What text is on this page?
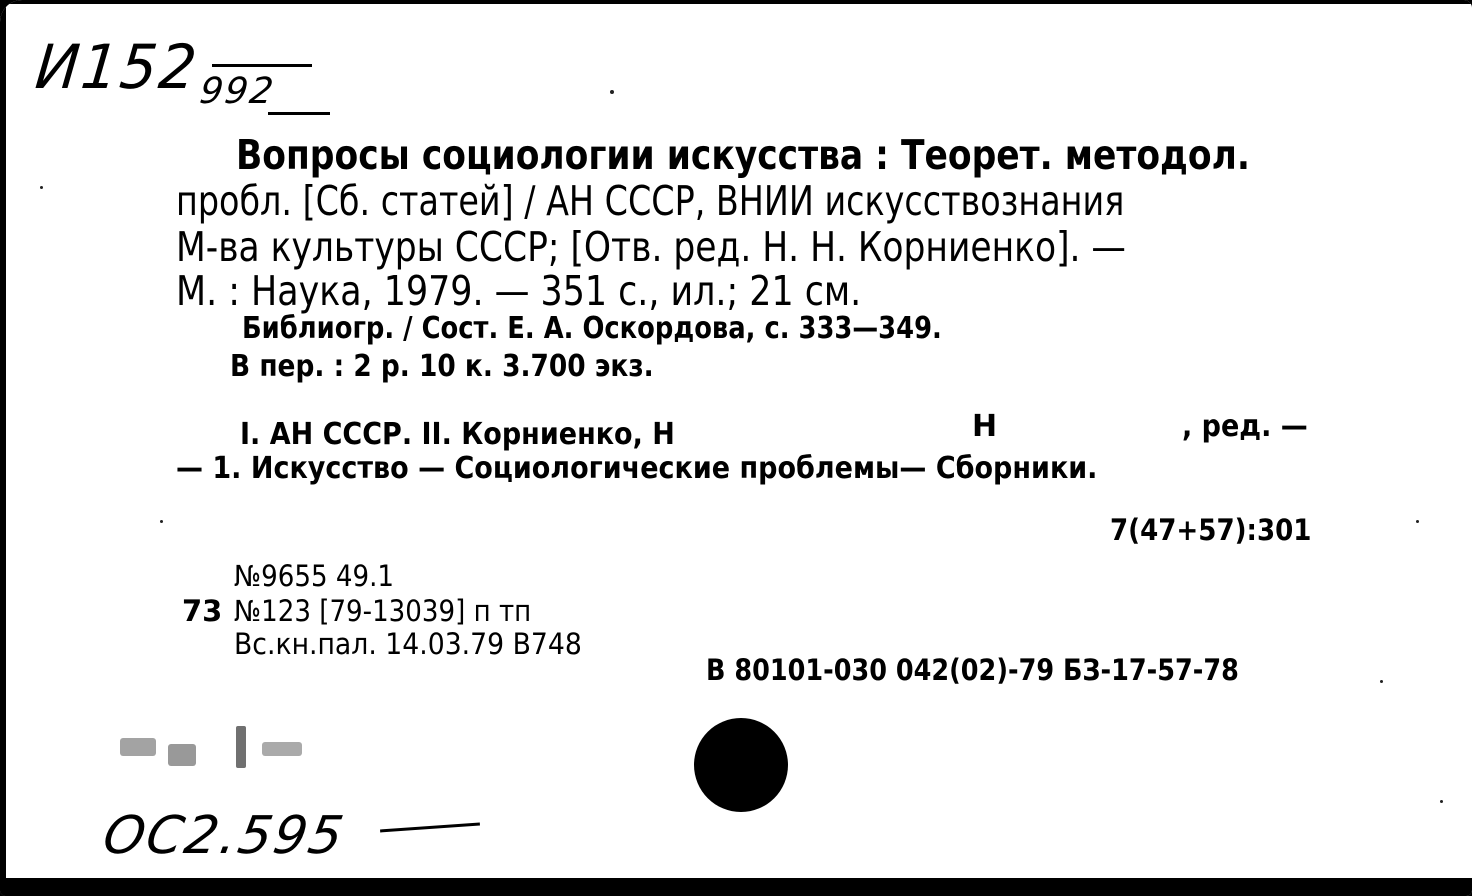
И152
992
Вопросы социологии искусства : Теорет. методол.
пробл. [Сб. статей] / АН СССР, ВНИИ искусствознания
М-ва культуры СССР; [Отв. ред. Н. Н. Корниенко]. —
М. : Наука, 1979. — 351 с., ил.; 21 см.
Библиогр. / Сост. Е. А. Оскордова, с. 333—349.
В пер. : 2 р. 10 к. 3.700 экз.
I. АН СССР. II. Корниенко, Н	Н	, ред. —
— 1. Искусство — Социологические проблемы— Сборники.
7(47+57):301
№9655 49.1
73 №123 [79-13039] п тп
Вс.кн.пал. 14.03.79 В748
В 80101-030 042(02)-79 БЗ-17-57-78
ОС2.595
